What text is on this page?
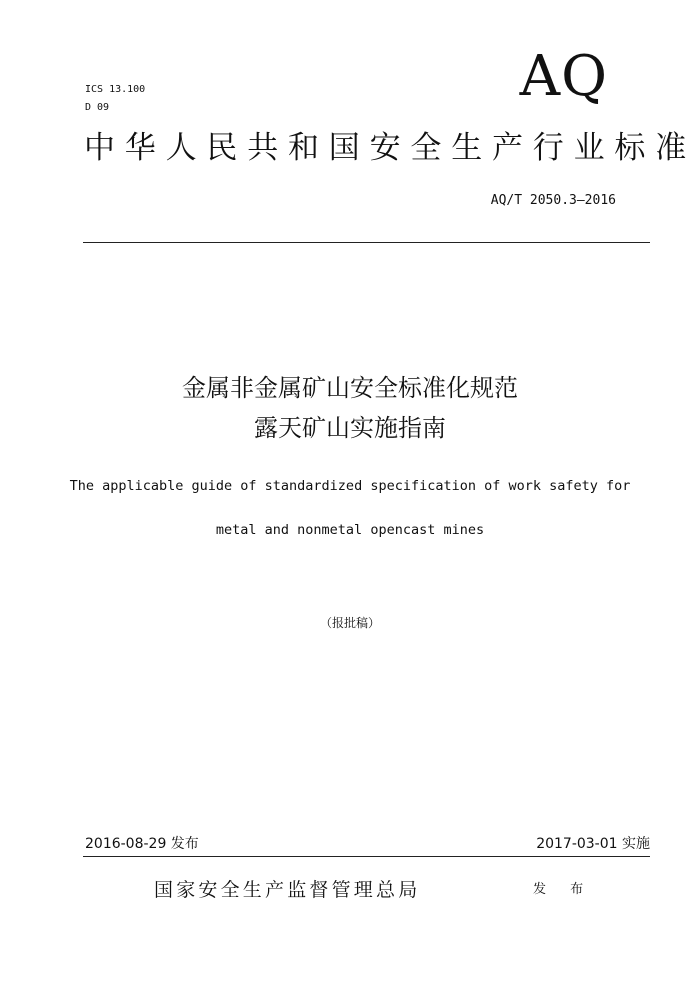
ICS 13.100
D 09	AQ
中华人民共和国安全生产行业标准
AQ/T 2050.3—2016
金属非金属矿山安全标准化规范
露天矿山实施指南
The applicable guide of standardized specification of work safety for
metal and nonmetal opencast mines
（报批稿）
2016-08-29 发布	2017-03-01 实施
国家安全生产监督管理总局	发 布
